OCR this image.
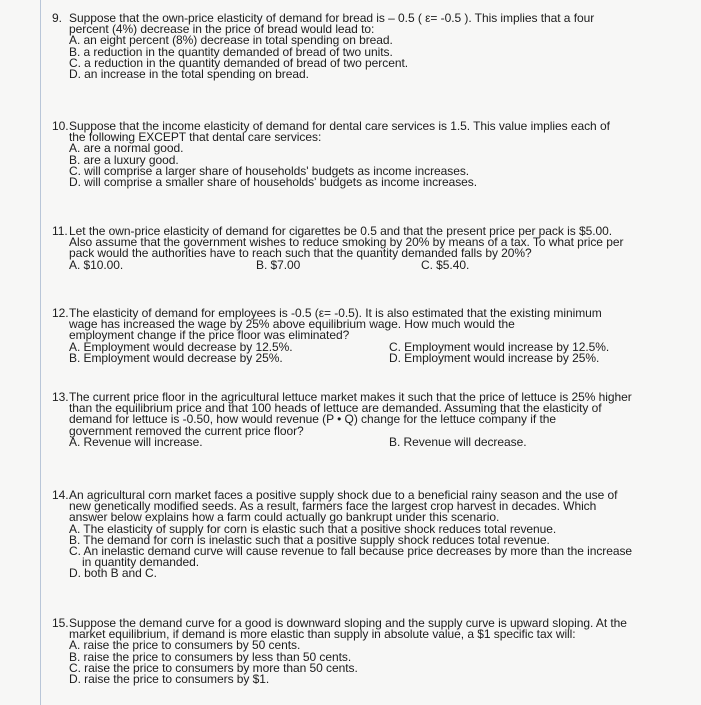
9. Suppose that the own-price elasticity of demand for bread is – 0.5 ( ε= -0.5 ). This implies that a four
percent (4%) decrease in the price of bread would lead to:
A. an eight percent (8%) decrease in total spending on bread.
B. a reduction in the quantity demanded of bread of two units.
C. a reduction in the quantity demanded of bread of two percent.
D. an increase in the total spending on bread.
10. Suppose that the income elasticity of demand for dental care services is 1.5. This value implies each of
the following EXCEPT that dental care services:
A. are a normal good.
B. are a luxury good.
C. will comprise a larger share of households' budgets as income increases.
D. will comprise a smaller share of households' budgets as income increases.
11. Let the own-price elasticity of demand for cigarettes be 0.5 and that the present price per pack is $5.00.
Also assume that the government wishes to reduce smoking by 20% by means of a tax. To what price per
pack would the authorities have to reach such that the quantity demanded falls by 20%?
A. $10.00.	B. $7.00	C. $5.40.
12. The elasticity of demand for employees is -0.5 (ε= -0.5). It is also estimated that the existing minimum
wage has increased the wage by 25% above equilibrium wage. How much would the
employment change if the price floor was eliminated?
A. Employment would decrease by 12.5%.	C. Employment would increase by 12.5%.
B. Employment would decrease by 25%.	D. Employment would increase by 25%.
13. The current price floor in the agricultural lettuce market makes it such that the price of lettuce is 25% higher
than the equilibrium price and that 100 heads of lettuce are demanded. Assuming that the elasticity of
demand for lettuce is -0.50, how would revenue (P • Q) change for the lettuce company if the
government removed the current price floor?
A. Revenue will increase.	B. Revenue will decrease.
14. An agricultural corn market faces a positive supply shock due to a beneficial rainy season and the use of
new genetically modified seeds. As a result, farmers face the largest crop harvest in decades. Which
answer below explains how a farm could actually go bankrupt under this scenario.
A. The elasticity of supply for corn is elastic such that a positive shock reduces total revenue.
B. The demand for corn is inelastic such that a positive supply shock reduces total revenue.
C. An inelastic demand curve will cause revenue to fall because price decreases by more than the increase
in quantity demanded.
D. both B and C.
15. Suppose the demand curve for a good is downward sloping and the supply curve is upward sloping. At the
market equilibrium, if demand is more elastic than supply in absolute value, a $1 specific tax will:
A. raise the price to consumers by 50 cents.
B. raise the price to consumers by less than 50 cents.
C. raise the price to consumers by more than 50 cents.
D. raise the price to consumers by $1.
